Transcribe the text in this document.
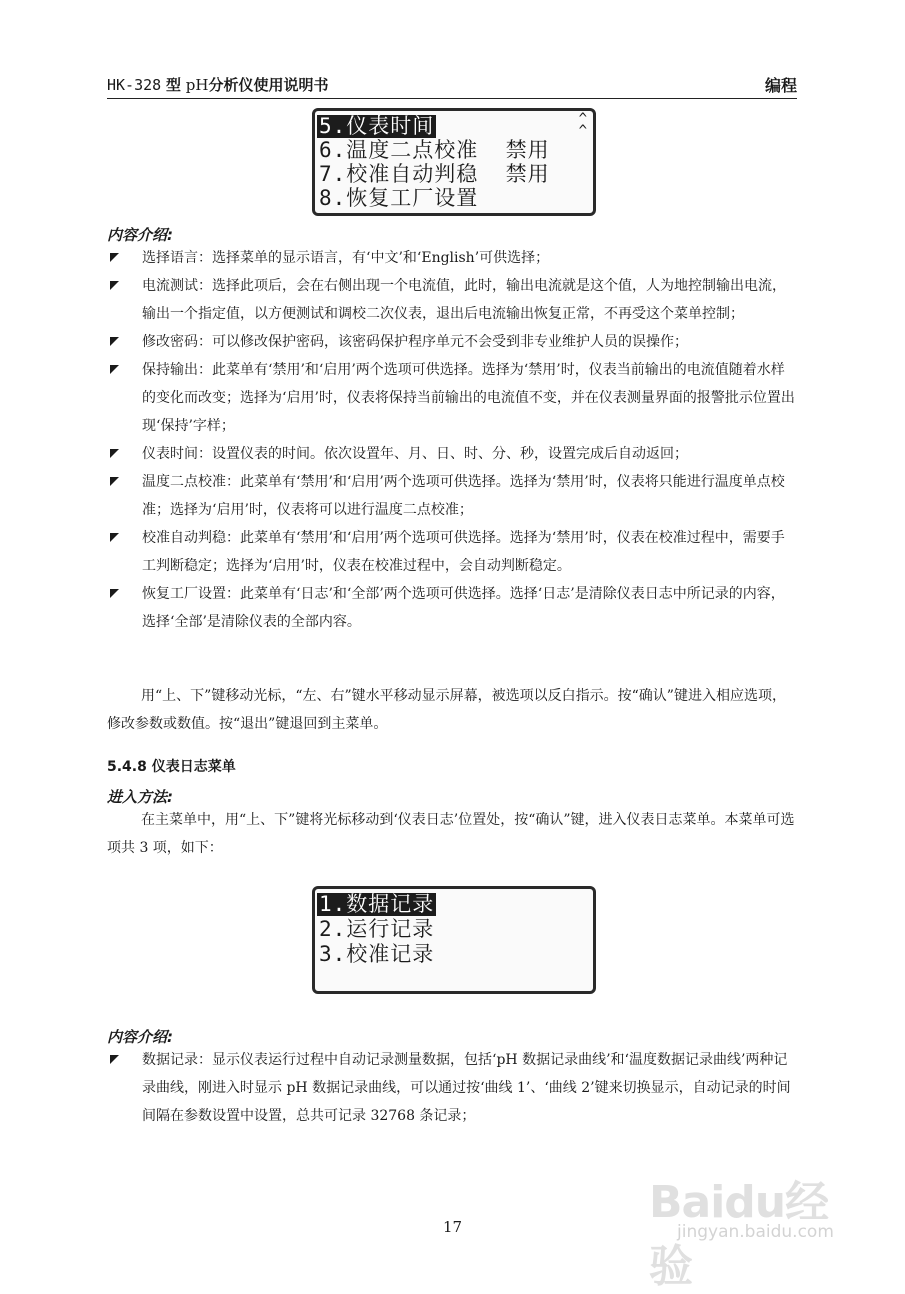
HK-328 型 pH分析仪使用说明书	编程
5.仪表时间
6.温度二点校准  禁用
7.校准自动判稳  禁用
8.恢复工厂设置
^
^
内容介绍:
选择语言：选择菜单的显示语言，有‘中文’和‘English’可供选择；
电流测试：选择此项后，会在右侧出现一个电流值，此时，输出电流就是这个值，人为地控制输出电流，输出一个指定值，以方便测试和调校二次仪表，退出后电流输出恢复正常，不再受这个菜单控制；
修改密码：可以修改保护密码，该密码保护程序单元不会受到非专业维护人员的误操作；
保持输出：此菜单有‘禁用’和‘启用’两个选项可供选择。选择为‘禁用’时，仪表当前输出的电流值随着水样的变化而改变；选择为‘启用’时，仪表将保持当前输出的电流值不变，并在仪表测量界面的报警批示位置出现‘保持’字样；
仪表时间：设置仪表的时间。依次设置年、月、日、时、分、秒，设置完成后自动返回；
温度二点校准：此菜单有‘禁用’和‘启用’两个选项可供选择。选择为‘禁用’时，仪表将只能进行温度单点校准；选择为‘启用’时，仪表将可以进行温度二点校准；
校准自动判稳：此菜单有‘禁用’和‘启用’两个选项可供选择。选择为‘禁用’时，仪表在校准过程中，需要手工判断稳定；选择为‘启用’时，仪表在校准过程中，会自动判断稳定。
恢复工厂设置：此菜单有‘日志’和‘全部’两个选项可供选择。选择‘日志’是清除仪表日志中所记录的内容，选择‘全部’是清除仪表的全部内容。
用“上、下”键移动光标，“左、右”键水平移动显示屏幕，被选项以反白指示。按“确认”键进入相应选项，修改参数或数值。按“退出”键退回到主菜单。
5.4.8 仪表日志菜单
进入方法:
在主菜单中，用“上、下”键将光标移动到‘仪表日志’位置处，按“确认”键，进入仪表日志菜单。本菜单可选项共 3 项，如下：
1.数据记录
2.运行记录
3.校准记录
内容介绍:
数据记录：显示仪表运行过程中自动记录测量数据，包括‘pH 数据记录曲线’和‘温度数据记录曲线’两种记录曲线，刚进入时显示 pH 数据记录曲线，可以通过按‘曲线 1’、‘曲线 2’键来切换显示，自动记录的时间间隔在参数设置中设置，总共可记录 32768 条记录；
17	Baidu经验
jingyan.baidu.com
